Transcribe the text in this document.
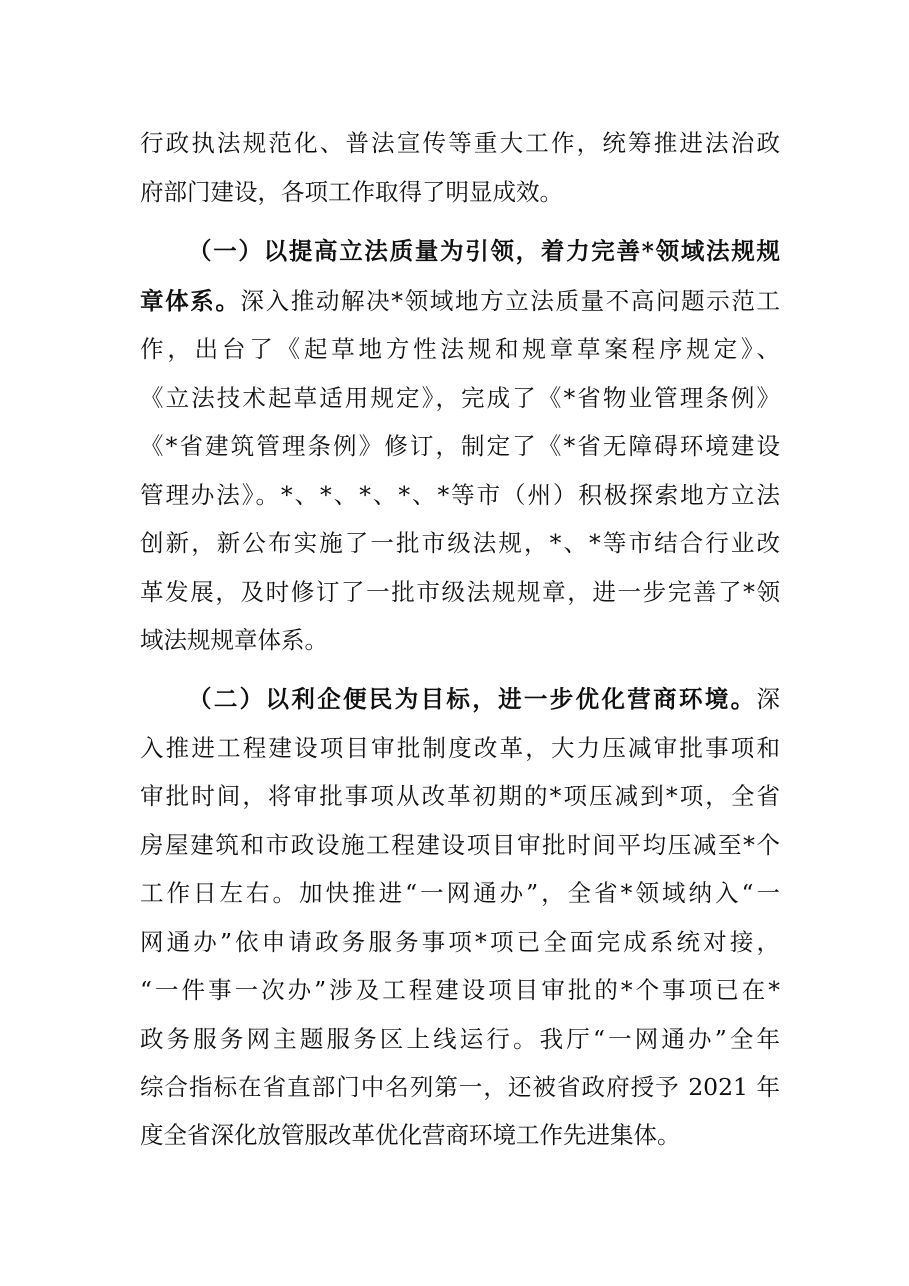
行政执法规范化、普法宣传等重大工作，统筹推进法治政
府部门建设，各项工作取得了明显成效。
（一）以提高立法质量为引领，着力完善*领域法规规
章体系。深入推动解决*领域地方立法质量不高问题示范工
作，出台了《起草地方性法规和规章草案程序规定》、
《立法技术起草适用规定》，完成了《*省物业管理条例》
《*省建筑管理条例》修订，制定了《*省无障碍环境建设
管理办法》。*、*、*、*、*等市（州）积极探索地方立法
创新，新公布实施了一批市级法规，*、*等市结合行业改
革发展，及时修订了一批市级法规规章，进一步完善了*领
域法规规章体系。
（二）以利企便民为目标，进一步优化营商环境。深
入推进工程建设项目审批制度改革，大力压减审批事项和
审批时间，将审批事项从改革初期的*项压减到*项，全省
房屋建筑和市政设施工程建设项目审批时间平均压减至*个
工作日左右。加快推进“一网通办”，全省*领域纳入“一
网通办”依申请政务服务事项*项已全面完成系统对接，
“一件事一次办”涉及工程建设项目审批的*个事项已在*
政务服务网主题服务区上线运行。我厅“一网通办”全年
综合指标在省直部门中名列第一，还被省政府授予 2021 年
度全省深化放管服改革优化营商环境工作先进集体。
